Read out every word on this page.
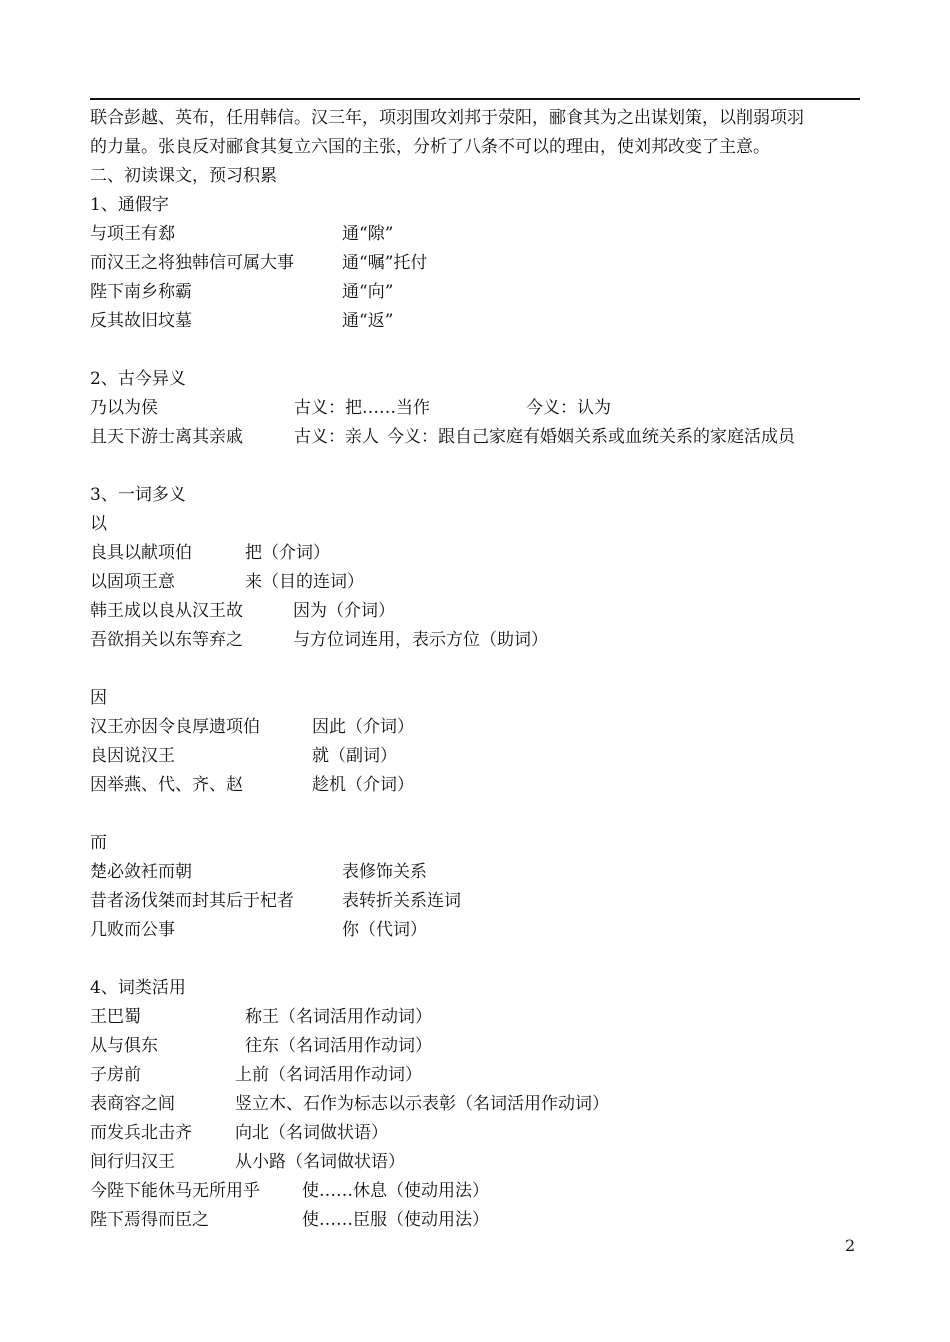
联合彭越、英布，任用韩信。汉三年，项羽围攻刘邦于荥阳，郦食其为之出谋划策，以削弱项羽
的力量。张良反对郦食其复立六国的主张，分析了八条不可以的理由，使刘邦改变了主意。
二、初读课文，预习积累
1、通假字
与项王有郄	通“隙”
而汉王之将独韩信可属大事	通“嘱”托付
陛下南乡称霸	通“向”
反其故旧坟墓	通“返”
2、古今异义
乃以为侯	古义：把……当作	今义：认为
且天下游士离其亲戚	古义：亲人 今义：跟自己家庭有婚姻关系或血统关系的家庭活成员
3、一词多义
以
良具以献项伯	把（介词）
以固项王意	来（目的连词）
韩王成以良从汉王故	因为（介词）
吾欲捐关以东等弃之	与方位词连用，表示方位（助词）
因
汉王亦因令良厚遗项伯	因此（介词）
良因说汉王	就（副词）
因举燕、代、齐、赵	趁机（介词）
而
楚必敛衽而朝	表修饰关系
昔者汤伐桀而封其后于杞者	表转折关系连词
几败而公事	你（代词）
4、词类活用
王巴蜀	称王（名词活用作动词）
从与俱东	往东（名词活用作动词）
子房前	上前（名词活用作动词）
表商容之闾	竖立木、石作为标志以示表彰（名词活用作动词）
而发兵北击齐	向北（名词做状语）
间行归汉王	从小路（名词做状语）
今陛下能休马无所用乎	使……休息（使动用法）
陛下焉得而臣之	使……臣服（使动用法）
2
